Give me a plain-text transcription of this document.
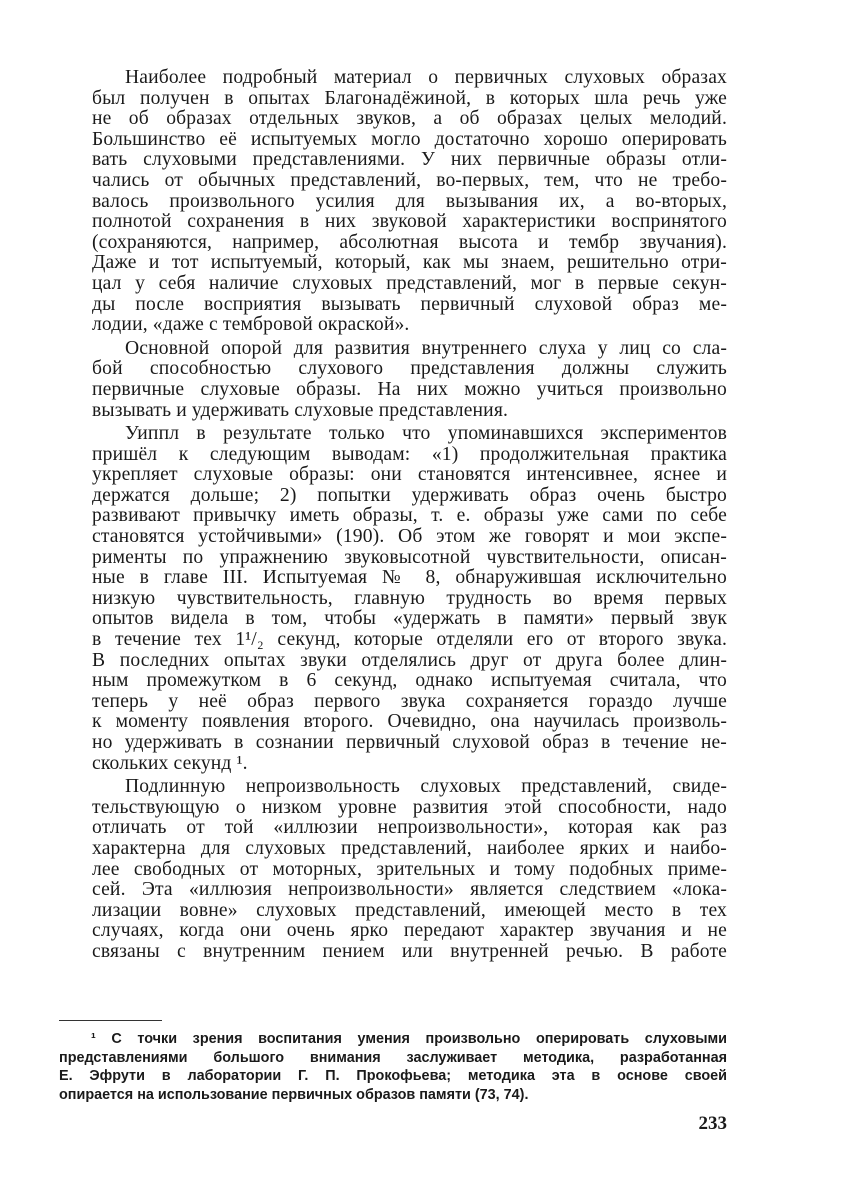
Наиболее подробный материал о первичных слуховых образах
был получен в опытах Благонадёжиной, в которых шла речь уже
не об образах отдельных звуков, а об образах целых мелодий.
Большинство её испытуемых могло достаточно хорошо оперировать
вать слуховыми представлениями. У них первичные образы отли-
чались от обычных представлений, во-первых, тем, что не требо-
валось произвольного усилия для вызывания их, а во-вторых,
полнотой сохранения в них звуковой характеристики воспринятого
(сохраняются, например, абсолютная высота и тембр звучания).
Даже и тот испытуемый, который, как мы знаем, решительно отри-
цал у себя наличие слуховых представлений, мог в первые секун-
ды после восприятия вызывать первичный слуховой образ ме-
лодии, «даже с тембровой окраской».

Основной опорой для развития внутреннего слуха у лиц со сла-
бой способностью слухового представления должны служить
первичные слуховые образы. На них можно учиться произвольно
вызывать и удерживать слуховые представления.

Уиппл в результате только что упоминавшихся экспериментов
пришёл к следующим выводам: «1) продолжительная практика
укрепляет слуховые образы: они становятся интенсивнее, яснее и
держатся дольше; 2) попытки удерживать образ очень быстро
развивают привычку иметь образы, т. е. образы уже сами по себе
становятся устойчивыми» (190). Об этом же говорят и мои экспе-
рименты по упражнению звуковысотной чувствительности, описан-
ные в главе III. Испытуемая № 8, обнаружившая исключительно
низкую чувствительность, главную трудность во время первых
опытов видела в том, чтобы «удержать в памяти» первый звук
в течение тех 1¹/₂ секунд, которые отделяли его от второго звука.
В последних опытах звуки отделялись друг от друга более длин-
ным промежутком в 6 секунд, однако испытуемая считала, что
теперь у неё образ первого звука сохраняется гораздо лучше
к моменту появления второго. Очевидно, она научилась произволь-
но удерживать в сознании первичный слуховой образ в течение не-
скольких секунд ¹.

Подлинную непроизвольность слуховых представлений, свиде-
тельствующую о низком уровне развития этой способности, надо
отличать от той «иллюзии непроизвольности», которая как раз
характерна для слуховых представлений, наиболее ярких и наибо-
лее свободных от моторных, зрительных и тому подобных приме-
сей. Эта «иллюзия непроизвольности» является следствием «лока-
лизации вовне» слуховых представлений, имеющей место в тех
случаях, когда они очень ярко передают характер звучания и не
связаны с внутренним пением или внутренней речью. В работе

¹ С точки зрения воспитания умения произвольно оперировать слуховыми
представлениями большого внимания заслуживает методика, разработанная
Е. Эфрути в лаборатории Г. П. Прокофьева; методика эта в основе своей
опирается на использование первичных образов памяти (73, 74).
233
